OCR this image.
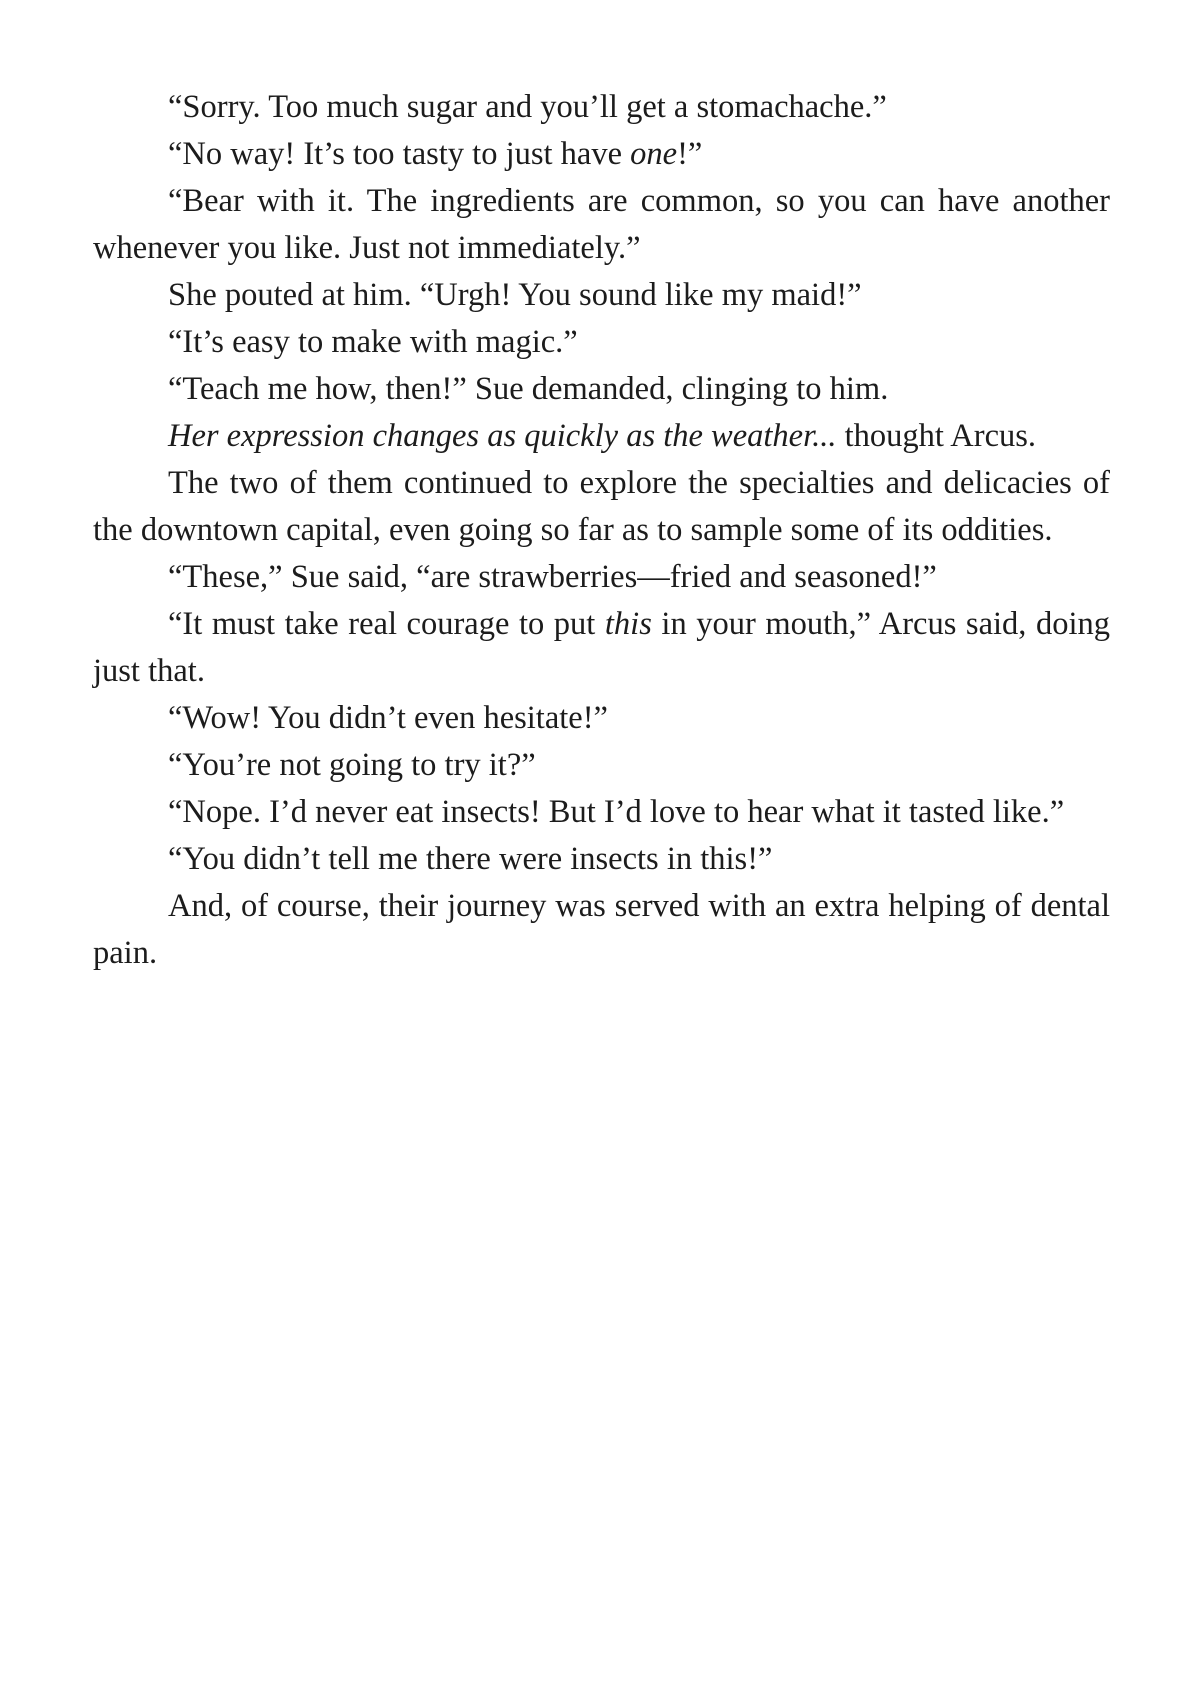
“Sorry. Too much sugar and you’ll get a stomachache.”

“No way! It’s too tasty to just have one!”

“Bear with it. The ingredients are common, so you can have another whenever you like. Just not immediately.”

She pouted at him. “Urgh! You sound like my maid!”

“It’s easy to make with magic.”

“Teach me how, then!” Sue demanded, clinging to him.

Her expression changes as quickly as the weather... thought Arcus.

The two of them continued to explore the specialties and delicacies of the downtown capital, even going so far as to sample some of its oddities.

“These,” Sue said, “are strawberries—fried and seasoned!”

“It must take real courage to put this in your mouth,” Arcus said, doing just that.

“Wow! You didn’t even hesitate!”

“You’re not going to try it?”

“Nope. I’d never eat insects! But I’d love to hear what it tasted like.”

“You didn’t tell me there were insects in this!”

And, of course, their journey was served with an extra helping of dental pain.
